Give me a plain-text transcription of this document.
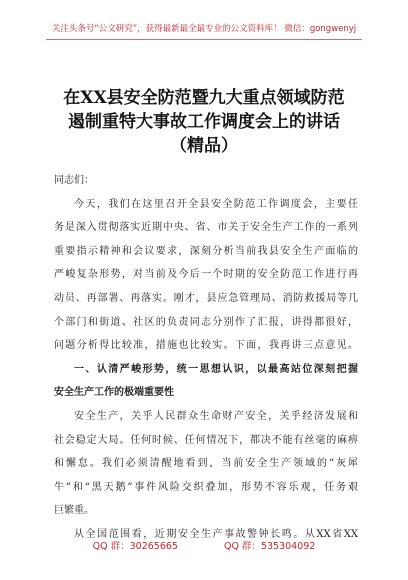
关注头条号“公文研究”，获得最新最全最专业的公文资料库！ 微信：gongwenyj
在XX县安全防范暨九大重点领域防范
遏制重特大事故工作调度会上的讲话
（精品）
同志们：
今天，我们在这里召开全县安全防范工作调度会，主要任
务是深入贯彻落实近期中央、省、市关于安全生产工作的一系列
重要指示精神和会议要求，深刻分析当前我县安全生产面临的
严峻复杂形势，对当前及今后一个时期的安全防范工作进行再
动员、再部署、再落实。刚才，县应急管理局、消防救援局等几
个部门和街道、社区的负责同志分别作了汇报，讲得都很好，
问题分析得比较准，措施也比较实。下面，我再讲三点意见。
一、认清严峻形势，统一思想认识，以最高站位深刻把握
安全生产工作的极端重要性
安全生产，关乎人民群众生命财产安全，关乎经济发展和
社会稳定大局。任何时候、任何情况下，都决不能有丝毫的麻痹
和懈怠。我们必须清醒地看到，当前安全生产领域的“灰犀
牛”和“黑天鹅”事件风险交织叠加，形势不容乐观，任务艰
巨繁重。
从全国范围看，近期安全生产事故警钟长鸣。从XX省XX
QQ 群：30265665	QQ 群：535304092
